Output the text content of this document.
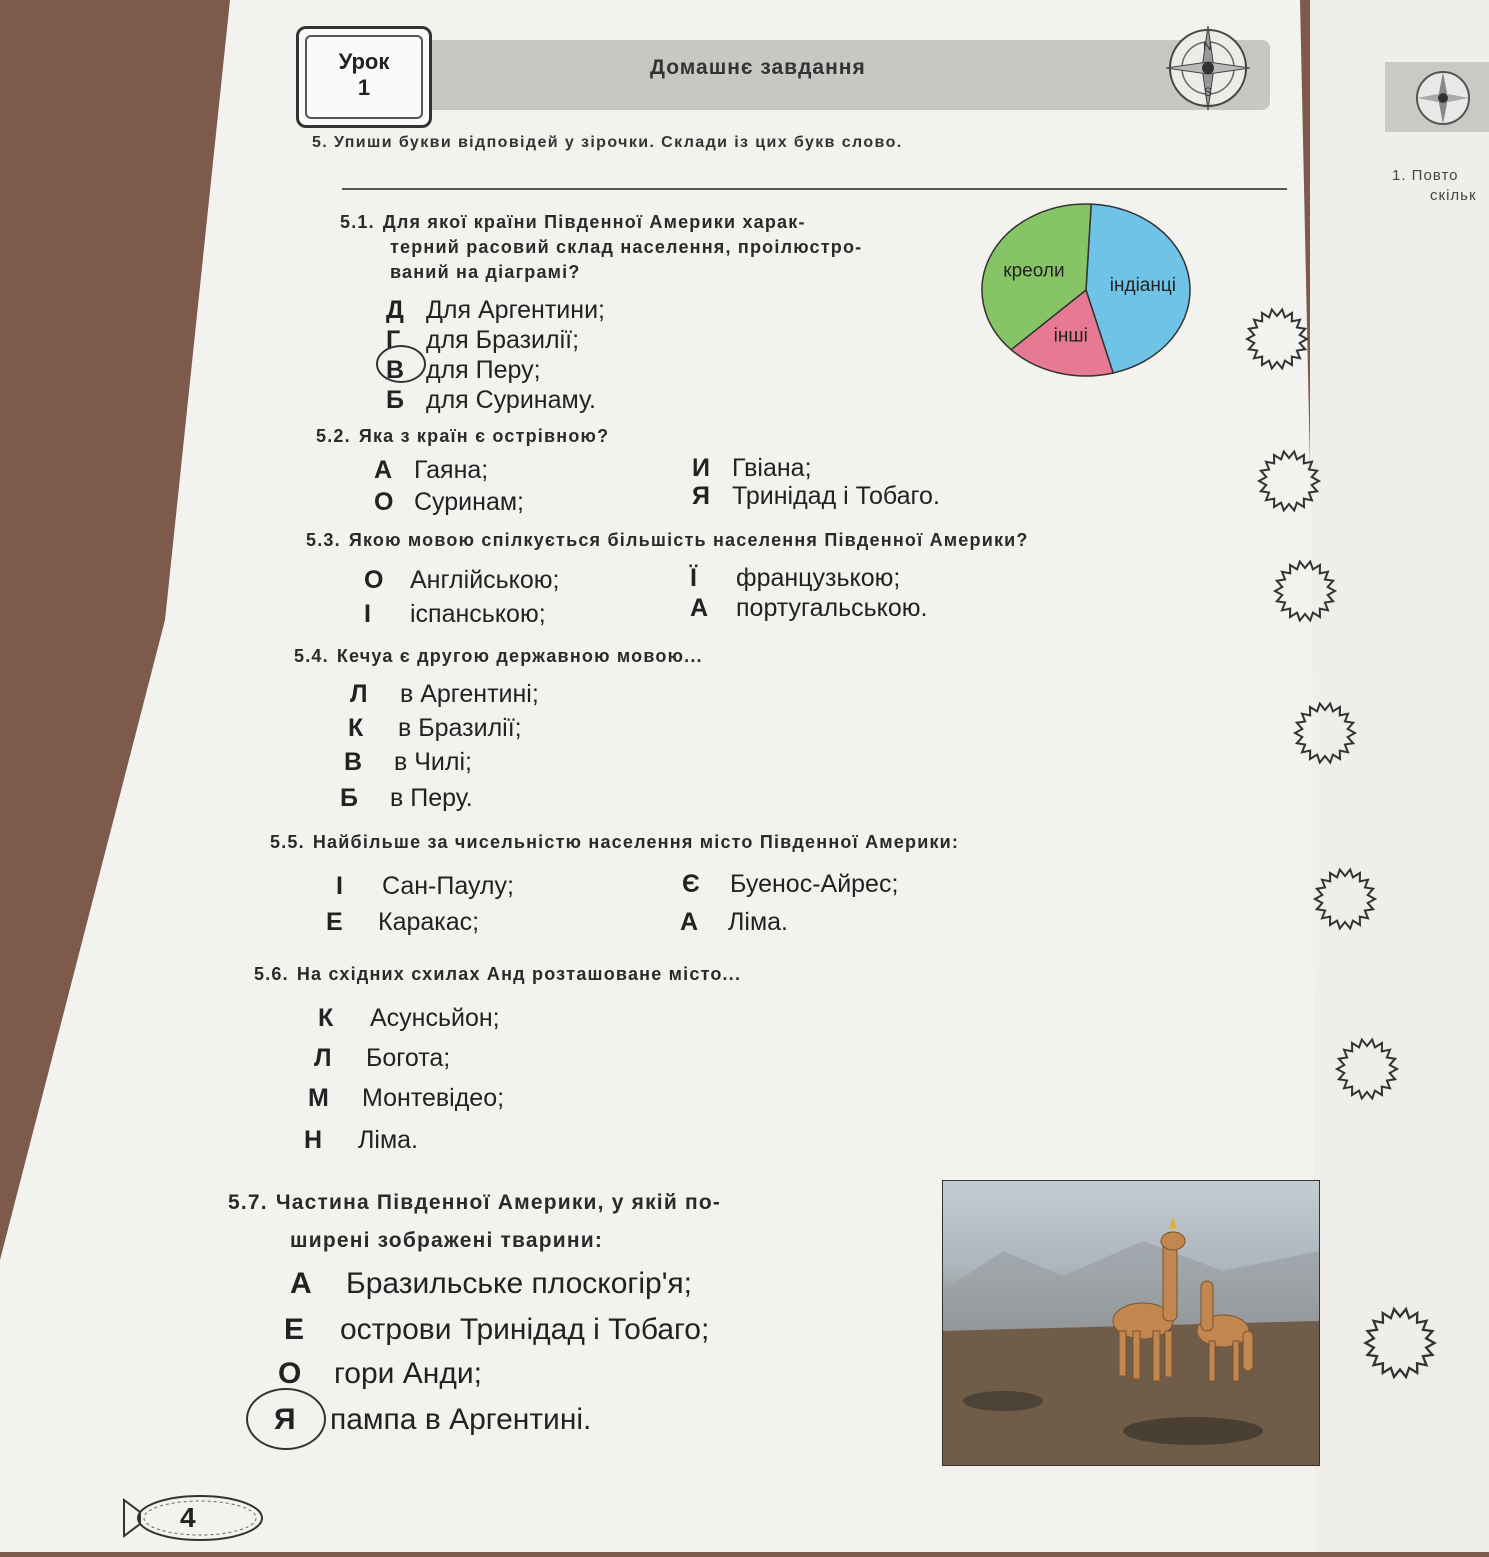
1. Повто
скільк
Домашнє завдання
Урок
1
N
S
5. Упиши букви відповідей у зірочки. Склади із цих букв слово.
5.1. Для якої країни Південної Америки харак-
терний расовий склад населення, проілюстро-
ваний на діаграмі?
Д Для Аргентини;
Г для Бразилії;
В для Перу;
Б для Суринаму.
індіанці
інші
креоли
5.2. Яка з країн є острівною?
А Гаяна;
О Суринам;
И Гвіана;
Я Тринідад і Тобаго.
5.3. Якою мовою спілкується більшість населення Південної Америки?
О Англійською;
І іспанською;
Ї французькою;
А португальською.
5.4. Кечуа є другою державною мовою...
Л в Аргентині;
К в Бразилії;
В в Чилі;
Б в Перу.
5.5. Найбільше за чисельністю населення місто Південної Америки:
І Сан-Паулу;
Е Каракас;
Є Буенос-Айрес;
А Ліма.
5.6. На східних схилах Анд розташоване місто...
К Асунсьйон;
Л Богота;
М Монтевідео;
Н Ліма.
5.7. Частина Південної Америки, у якій по-
ширені зображені тварини:
А Бразильське плоскогір'я;
Е острови Тринідад і Тобаго;
О гори Анди;
Я пампа в Аргентині.
4
